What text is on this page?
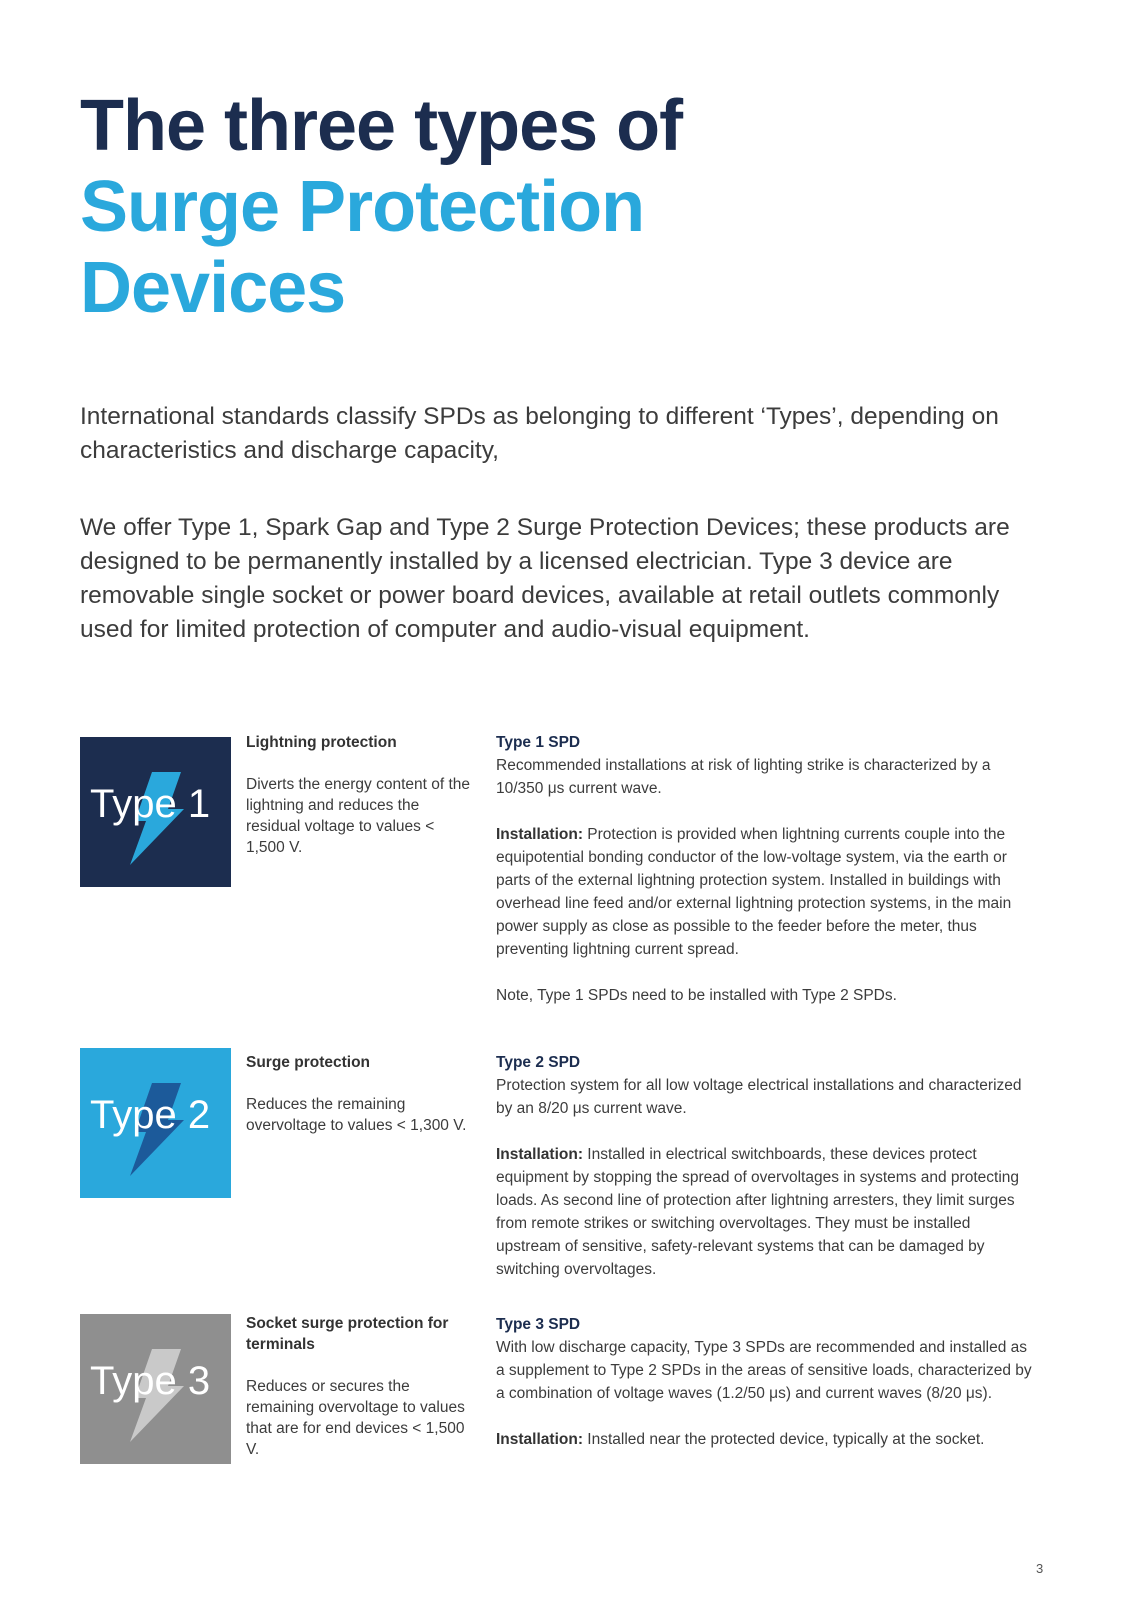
The three types of
Surge Protection
Devices

International standards classify SPDs as belonging to different ‘Types’, depending on characteristics and discharge capacity,

We offer Type 1, Spark Gap and Type 2 Surge Protection Devices; these products are designed to be permanently installed by a licensed electrician. Type 3 device are removable single socket or power board devices, available at retail outlets commonly used for limited protection of computer and audio-visual equipment.

Type 1

Lightning protection

Diverts the energy content of the lightning and reduces the residual voltage to values < 1,500 V.

Type 1 SPD

Recommended installations at risk of lighting strike is characterized by a 10/350 μs current wave.

Installation: Protection is provided when lightning currents couple into the equipotential bonding conductor of the low-voltage system, via the earth or parts of the external lightning protection system. Installed in buildings with overhead line feed and/or external lightning protection systems, in the main power supply as close as possible to the feeder before the meter, thus preventing lightning current spread.

Note, Type 1 SPDs need to be installed with Type 2 SPDs.

Type 2

Surge protection

Reduces the remaining overvoltage to values < 1,300 V.

Type 2 SPD

Protection system for all low voltage electrical installations and characterized by an 8/20 μs current wave.

Installation: Installed in electrical switchboards, these devices protect equipment by stopping the spread of overvoltages in systems and protecting loads. As second line of protection after lightning arresters, they limit surges from remote strikes or switching overvoltages. They must be installed upstream of sensitive, safety-relevant systems that can be damaged by switching overvoltages.

Type 3

Socket surge protection for terminals

Reduces or secures the remaining overvoltage to values that are for end devices < 1,500 V.

Type 3 SPD

With low discharge capacity, Type 3 SPDs are recommended and installed as a supplement to Type 2 SPDs in the areas of sensitive loads, characterized by a combination of voltage waves (1.2/50 μs) and current waves (8/20 μs).

Installation: Installed near the protected device, typically at the socket.

3
